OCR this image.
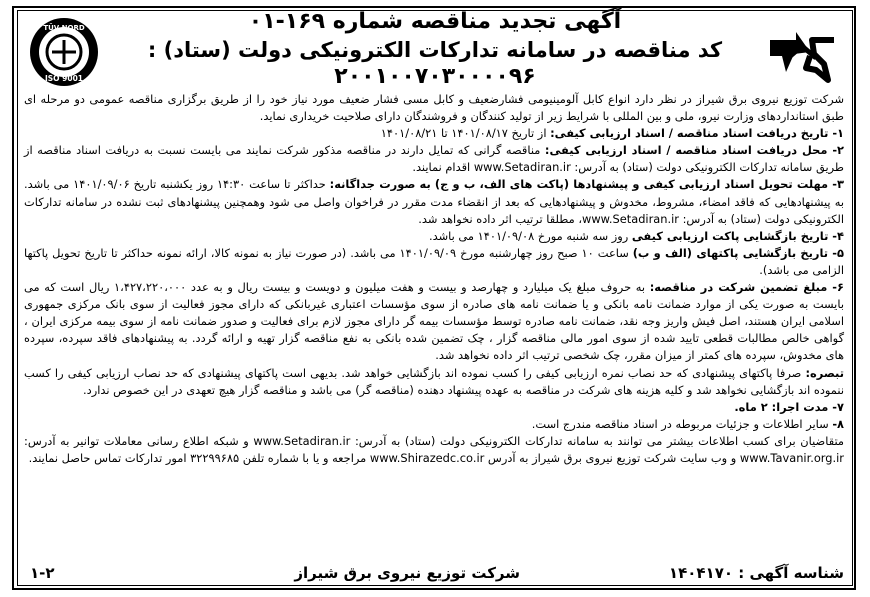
TÜV NORD
ISO 9001
آگهی تجدید مناقصه شماره ۱۶۹-۰۱
کد مناقصه در سامانه تدارکات الکترونیکی دولت (ستاد) :
۲۰۰۱۰۰۷۰۳۰۰۰۰۹۶

شرکت توزیع نیروی برق شیراز در نظر دارد انواع کابل آلومینیومی فشارضعیف و کابل مسی فشار ضعیف مورد نیاز خود را از طریق برگزاری مناقصه عمومی دو مرحله ای طبق استانداردهای وزارت نیرو، ملی و بین المللی با شرایط زیر از تولید کنندگان و فروشندگان دارای صلاحیت خریداری نماید.

۱- تاریخ دریافت اسناد مناقصه / اسناد ارزیابی کیفی: از تاریخ ۱۴۰۱/۰۸/۱۷ تا ۱۴۰۱/۰۸/۲۱

۲- محل دریافت اسناد مناقصه / اسناد ارزیابی کیفی: مناقصه گرانی که تمایل دارند در مناقصه مذکور شرکت نمایند می بایست نسبت به دریافت اسناد مناقصه از طریق سامانه تدارکات الکترونیکی دولت (ستاد) به آدرس: www.Setadiran.ir اقدام نمایند.

۳- مهلت تحویل اسناد ارزیابی کیفی و پیشنهادها (پاکت های الف، ب و ج) به صورت جداگانه: حداکثر تا ساعت ۱۴:۳۰ روز یکشنبه تاریخ ۱۴۰۱/۰۹/۰۶ می باشد. به پیشنهادهایی که فاقد امضاء، مشروط، مخدوش و پیشنهادهایی که بعد از انقضاء مدت مقرر در فراخوان واصل می شود وهمچنین پیشنهادهای ثبت نشده در سامانه تدارکات الکترونیکی دولت (ستاد) به آدرس: www.Setadiran.ir، مطلقا ترتیب اثر داده نخواهد شد.

۴- تاریخ بازگشایی پاکت ارزیابی کیفی روز سه شنبه مورخ ۱۴۰۱/۰۹/۰۸ می باشد.

۵- تاریخ بازگشایی پاکتهای (الف و ب) ساعت ۱۰ صبح روز چهارشنبه مورخ ۱۴۰۱/۰۹/۰۹ می باشد. (در صورت نیاز به نمونه کالا، ارائه نمونه حداکثر تا تاریخ تحویل پاکتها الزامی می باشد).

۶- مبلغ تضمین شرکت در مناقصه: به حروف مبلغ یک میلیارد و چهارصد و بیست و هفت میلیون و دویست و بیست ریال و به عدد ۱،۴۲۷،۲۲۰،۰۰۰ ریال است که می بایست به صورت یکی از موارد ضمانت نامه بانکی و یا ضمانت نامه های صادره از سوی مؤسسات اعتباری غیربانکی که دارای مجوز فعالیت از سوی بانک مرکزی جمهوری اسلامی ایران هستند، اصل فیش واریز وجه نقد، ضمانت نامه صادره توسط مؤسسات بیمه گر دارای مجوز لازم برای فعالیت و صدور ضمانت نامه از سوی بیمه مرکزی ایران ، گواهی خالص مطالبات قطعی تایید شده از سوی امور مالی مناقصه گزار ، چک تضمین شده بانکی به نفع مناقصه گزار تهیه و ارائه گردد. به پیشنهادهای فاقد سپرده، سپرده های مخدوش، سپرده های کمتر از میزان مقرر، چک شخصی ترتیب اثر داده نخواهد شد.

تبصره: صرفا پاکتهای پیشنهادی که حد نصاب نمره ارزیابی کیفی را کسب نموده اند بازگشایی خواهد شد. بدیهی است پاکتهای پیشنهادی که حد نصاب ارزیابی کیفی را کسب ننموده اند بازگشایی نخواهد شد و کلیه هزینه های شرکت در مناقصه به عهده پیشنهاد دهنده (مناقصه گر) می باشد و مناقصه گزار هیچ تعهدی در این خصوص ندارد.

۷- مدت اجرا: ۲ ماه.

۸- سایر اطلاعات و جزئیات مربوطه در اسناد مناقصه مندرج است.

متقاضیان برای کسب اطلاعات بیشتر می توانند به سامانه تدارکات الکترونیکی دولت (ستاد) به آدرس: www.Setadiran.ir و شبکه اطلاع رسانی معاملات توانیر به آدرس: www.Tavanir.org.ir و وب سایت شرکت توزیع نیروی برق شیراز به آدرس www.Shirazedc.co.ir مراجعه و یا با شماره تلفن ۳۲۲۹۹۶۸۵ امور تدارکات تماس حاصل نمایند.

شناسه آگهی : ۱۴۰۴۱۷۰
شرکت توزیع نیروی برق شیراز
۱-۲
